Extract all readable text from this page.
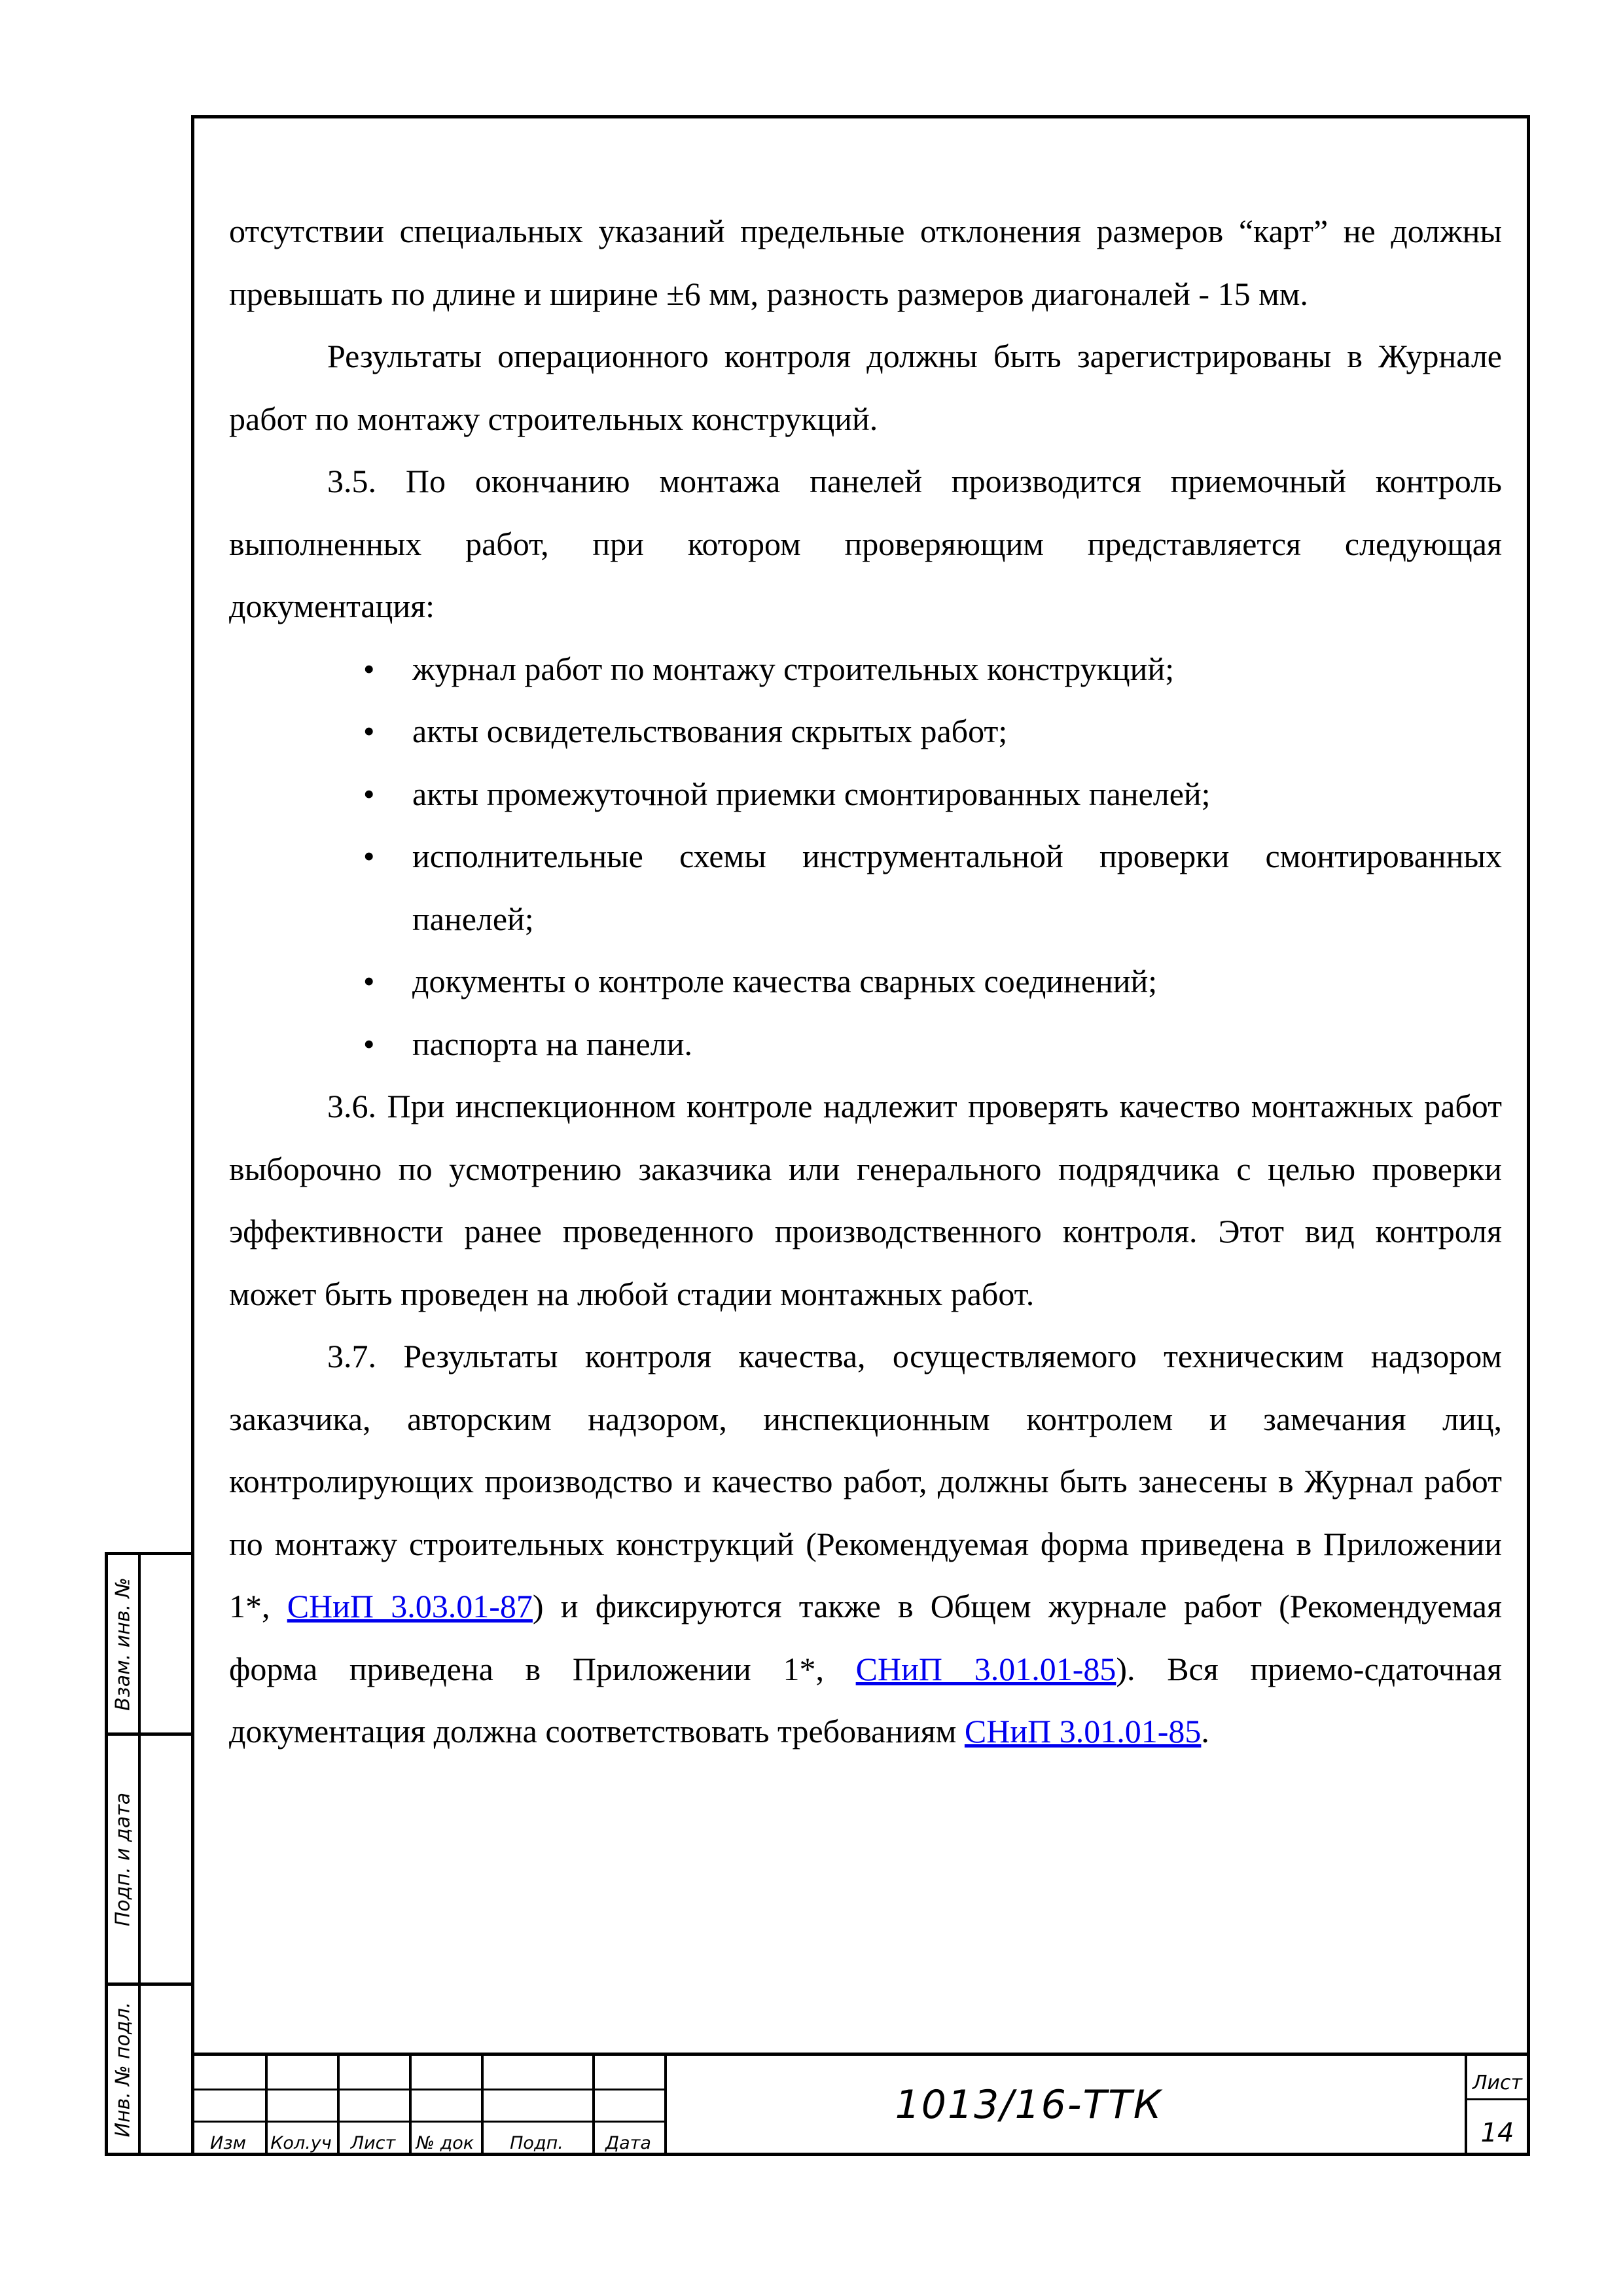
отсутствии специальных указаний предельные отклонения размеров “карт” не должны превышать по длине и ширине ±6 мм, разность размеров диагоналей - 15 мм.

Результаты операционного контроля должны быть зарегистрированы в Журнале работ по монтажу строительных конструкций.

3.5. По окончанию монтажа панелей производится приемочный контроль выполненных работ, при котором проверяющим представляется следующая документация:

• журнал работ по монтажу строительных конструкций;
• акты освидетельствования скрытых работ;
• акты промежуточной приемки смонтированных панелей;
• исполнительные схемы инструментальной проверки смонтированных панелей;
• документы о контроле качества сварных соединений;
• паспорта на панели.

3.6. При инспекционном контроле надлежит проверять качество монтажных работ выборочно по усмотрению заказчика или генерального подрядчика с целью проверки эффективности ранее проведенного производственного контроля. Этот вид контроля может быть проведен на любой стадии монтажных работ.

3.7. Результаты контроля качества, осуществляемого техническим надзором заказчика, авторским надзором, инспекционным контролем и замечания лиц, контролирующих производство и качество работ, должны быть занесены в Журнал работ по монтажу строительных конструкций (Рекомендуемая форма приведена в Приложении 1*, СНиП 3.03.01-87) и фиксируются также в Общем журнале работ (Рекомендуемая форма приведена в Приложении 1*, СНиП 3.01.01-85). Вся приемо-сдаточная документация должна соответствовать требованиям СНиП 3.01.01-85.

Взам. инв. №
Подп. и дата
Инв. № подл.
Изм	Кол.уч	Лист	№ док	Подп.	Дата
1013/16-ТТК	Лист
14
